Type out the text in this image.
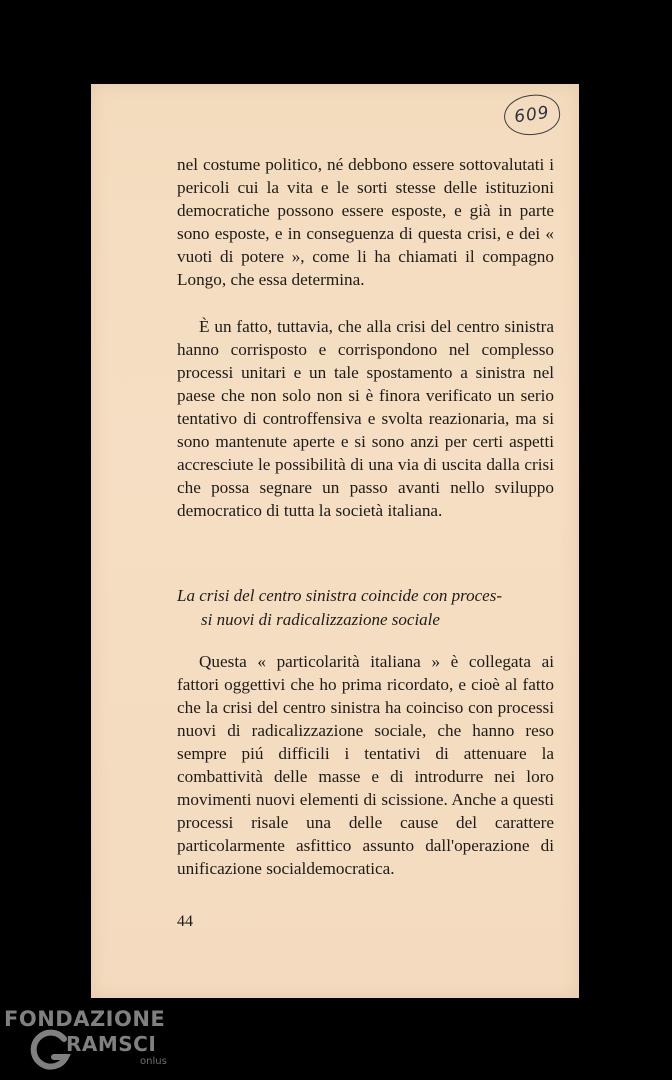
609

nel costume politico, né debbono essere sottovalutati i pericoli cui la vita e le sorti stesse delle istituzioni democratiche possono essere esposte, e già in parte sono esposte, e in conseguenza di questa crisi, e dei « vuoti di potere », come li ha chiamati il compagno Longo, che essa determina.

È un fatto, tuttavia, che alla crisi del centro sinistra hanno corrisposto e corrispondono nel complesso processi unitari e un tale spostamento a sinistra nel paese che non solo non si è finora verificato un serio tentativo di controffensiva e svolta reazionaria, ma si sono mantenute aperte e si sono anzi per certi aspetti accresciute le possibilità di una via di uscita dalla crisi che possa segnare un passo avanti nello sviluppo democratico di tutta la società italiana.

La crisi del centro sinistra coincide con proces-
si nuovi di radicalizzazione sociale

Questa « particolarità italiana » è collegata ai fattori oggettivi che ho prima ricordato, e cioè al fatto che la crisi del centro sinistra ha coinciso con processi nuovi di radicalizzazione sociale, che hanno reso sempre piú difficili i tentativi di attenuare la combattività delle masse e di introdurre nei loro movimenti nuovi elementi di scissione. Anche a questi processi risale una delle cause del carattere particolarmente asfittico assunto dall'operazione di unificazione socialdemocratica.

44
FONDAZIONE
RAMSCI
onlus
